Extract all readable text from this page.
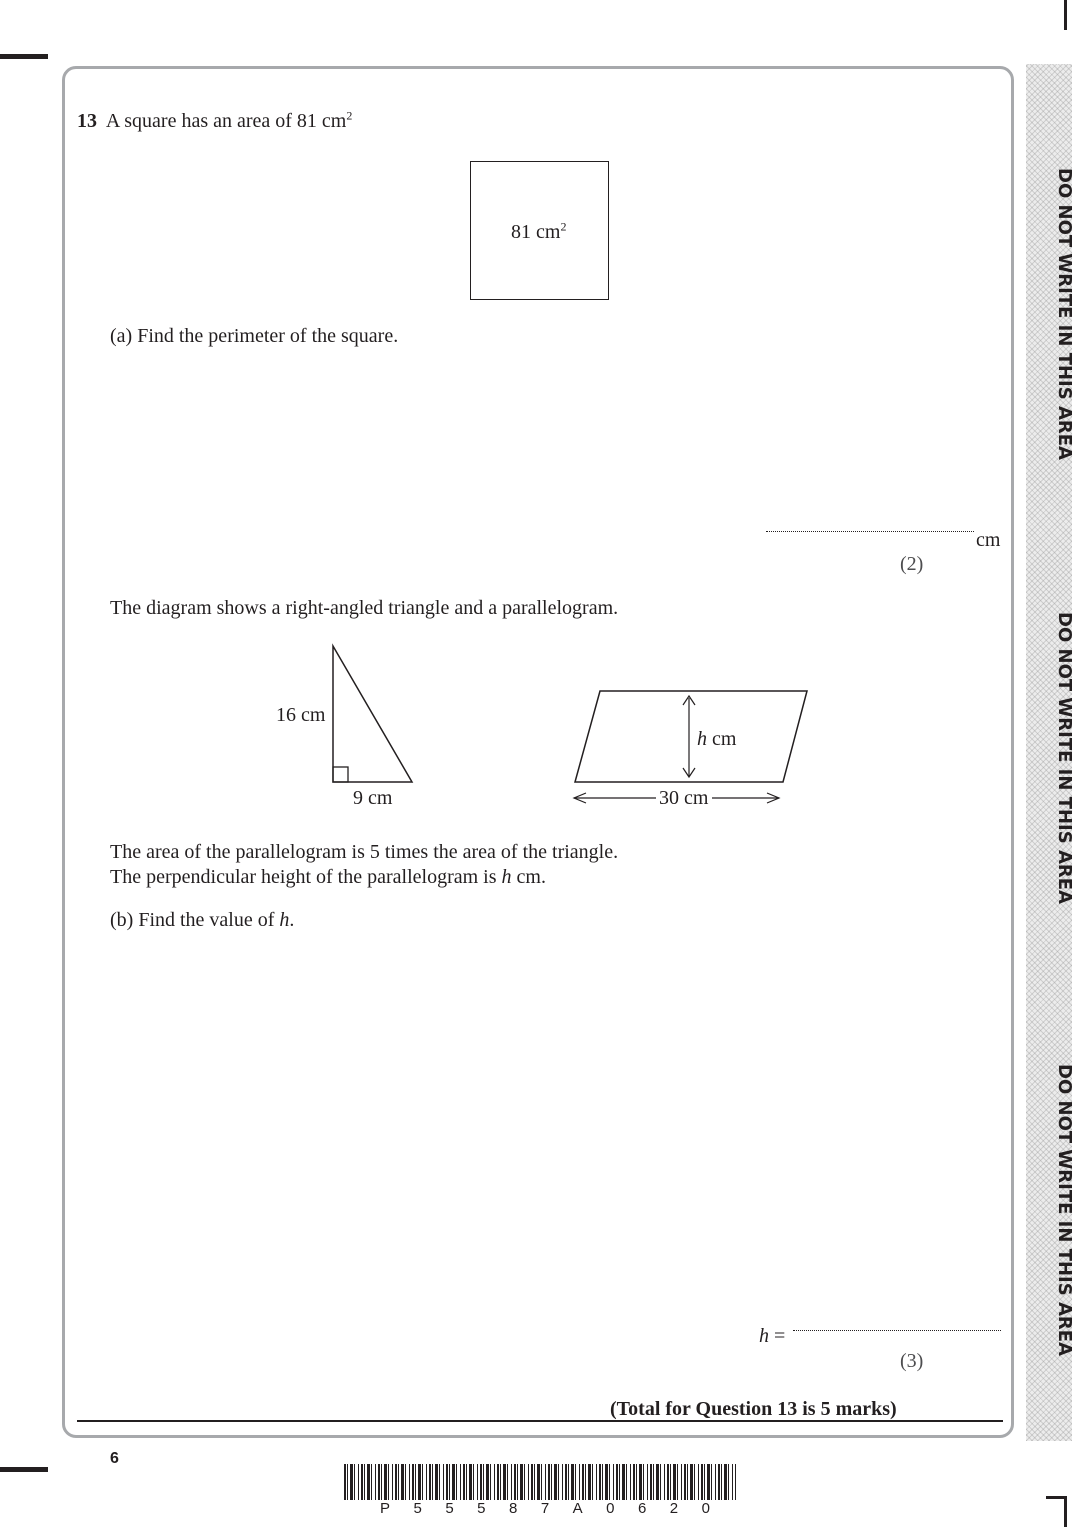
DO NOT WRITE IN THIS AREA
DO NOT WRITE IN THIS AREA
DO NOT WRITE IN THIS AREA
13 A square has an area of 81 $cm^2$
81 $cm^2$
(a) Find the perimeter of the square.
cm
(2)
The diagram shows a right-angled triangle and a parallelogram.
16 cm
9 cm
h cm
30 cm
The area of the parallelogram is 5 times the area of the triangle.
The perpendicular height of the parallelogram is h cm.
(b) Find the value of h.
h =
(3)
(Total for Question 13 is 5 marks)
6
P 5 5 5 8 7 A 0 6 2 0
